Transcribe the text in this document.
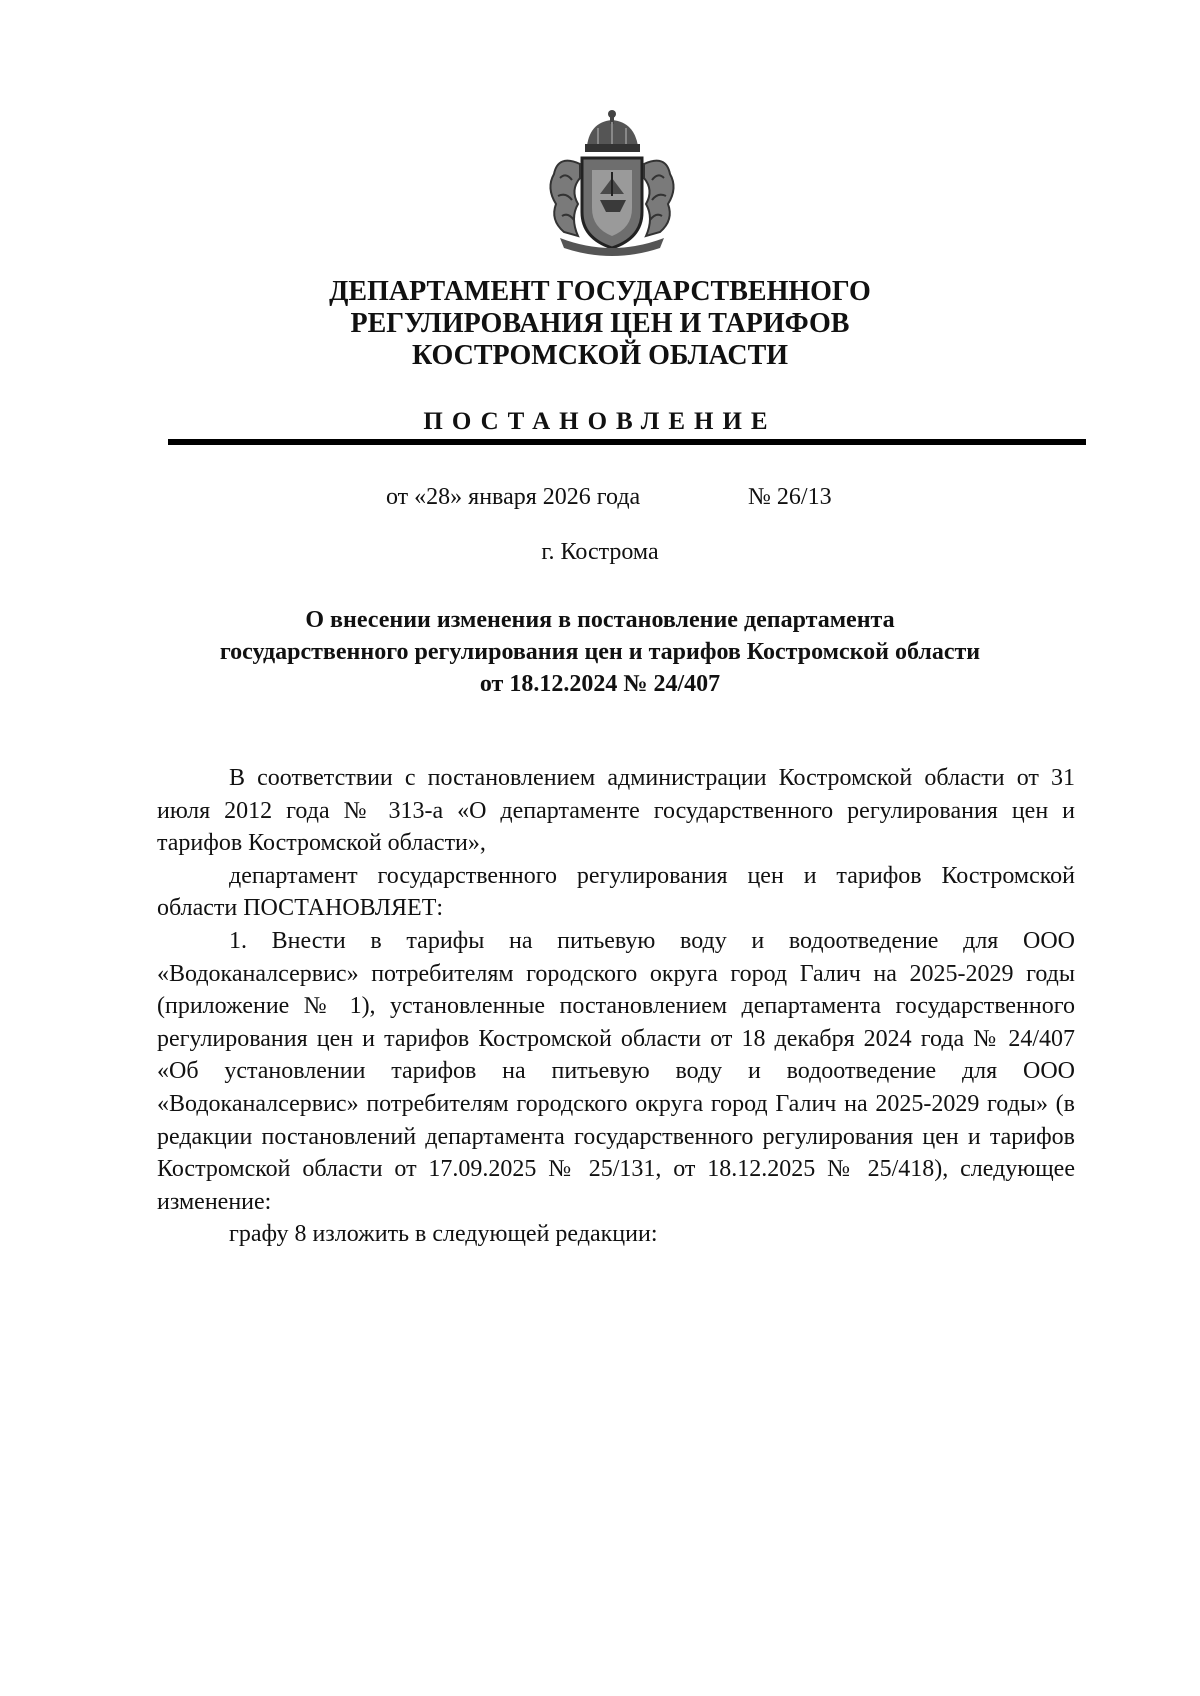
ДЕПАРТАМЕНТ ГОСУДАРСТВЕННОГО
РЕГУЛИРОВАНИЯ ЦЕН И ТАРИФОВ
КОСТРОМСКОЙ ОБЛАСТИ
ПОСТАНОВЛЕНИЕ
от «28» января 2026 года	№ 26/13
г. Кострома
О внесении изменения в постановление департамента
государственного регулирования цен и тарифов Костромской области
от 18.12.2024 № 24/407

В соответствии с постановлением администрации Костромской области от 31 июля 2012 года № 313-а «О департаменте государственного регулирования цен и тарифов Костромской области»,

департамент государственного регулирования цен и тарифов Костромской области ПОСТАНОВЛЯЕТ:

1. Внести в тарифы на питьевую воду и водоотведение для ООО «Водоканалсервис» потребителям городского округа город Галич на 2025-2029 годы (приложение № 1), установленные постановлением департамента государственного регулирования цен и тарифов Костромской области от 18 декабря 2024 года № 24/407 «Об установлении тарифов на питьевую воду и водоотведение для ООО «Водоканалсервис» потребителям городского округа город Галич на 2025-2029 годы» (в редакции постановлений департамента государственного регулирования цен и тарифов Костромской области от 17.09.2025 № 25/131, от 18.12.2025 № 25/418), следующее изменение:

графу 8 изложить в следующей редакции:
